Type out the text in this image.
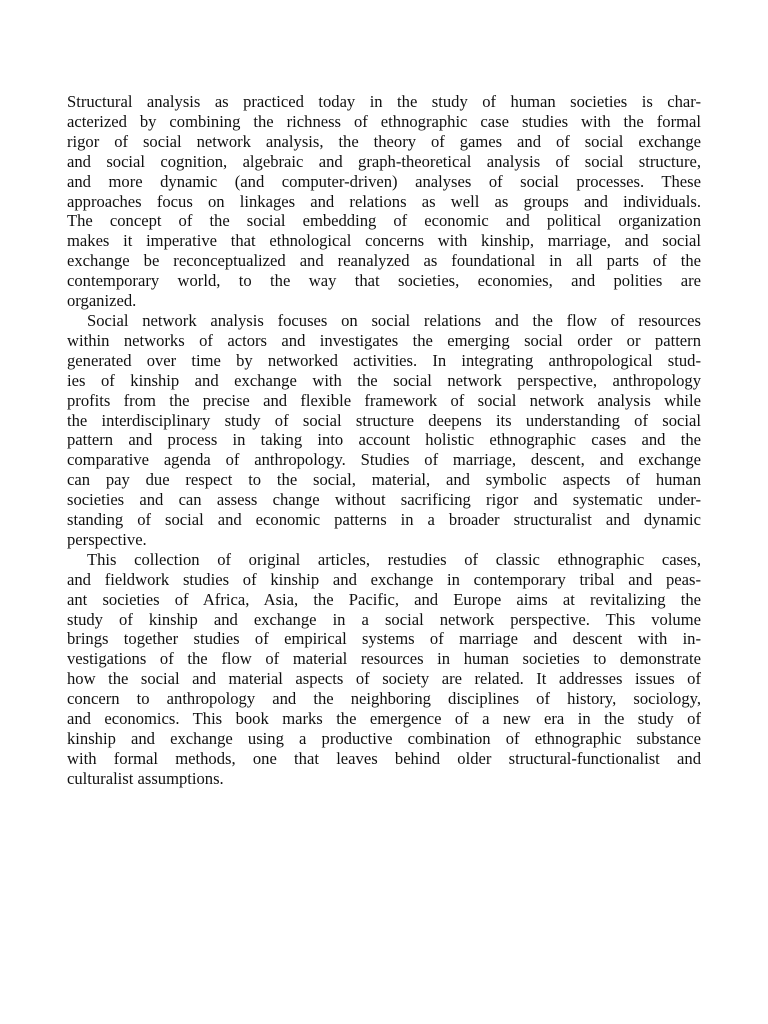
Structural analysis as practiced today in the study of human societies is char-
acterized by combining the richness of ethnographic case studies with the formal
rigor of social network analysis, the theory of games and of social exchange
and social cognition, algebraic and graph-theoretical analysis of social structure,
and more dynamic (and computer-driven) analyses of social processes. These
approaches focus on linkages and relations as well as groups and individuals.
The concept of the social embedding of economic and political organization
makes it imperative that ethnological concerns with kinship, marriage, and social
exchange be reconceptualized and reanalyzed as foundational in all parts of the
contemporary world, to the way that societies, economies, and polities are
organized.

Social network analysis focuses on social relations and the flow of resources
within networks of actors and investigates the emerging social order or pattern
generated over time by networked activities. In integrating anthropological stud-
ies of kinship and exchange with the social network perspective, anthropology
profits from the precise and flexible framework of social network analysis while
the interdisciplinary study of social structure deepens its understanding of social
pattern and process in taking into account holistic ethnographic cases and the
comparative agenda of anthropology. Studies of marriage, descent, and exchange
can pay due respect to the social, material, and symbolic aspects of human
societies and can assess change without sacrificing rigor and systematic under-
standing of social and economic patterns in a broader structuralist and dynamic
perspective.

This collection of original articles, restudies of classic ethnographic cases,
and fieldwork studies of kinship and exchange in contemporary tribal and peas-
ant societies of Africa, Asia, the Pacific, and Europe aims at revitalizing the
study of kinship and exchange in a social network perspective. This volume
brings together studies of empirical systems of marriage and descent with in-
vestigations of the flow of material resources in human societies to demonstrate
how the social and material aspects of society are related. It addresses issues of
concern to anthropology and the neighboring disciplines of history, sociology,
and economics. This book marks the emergence of a new era in the study of
kinship and exchange using a productive combination of ethnographic substance
with formal methods, one that leaves behind older structural-functionalist and
culturalist assumptions.
